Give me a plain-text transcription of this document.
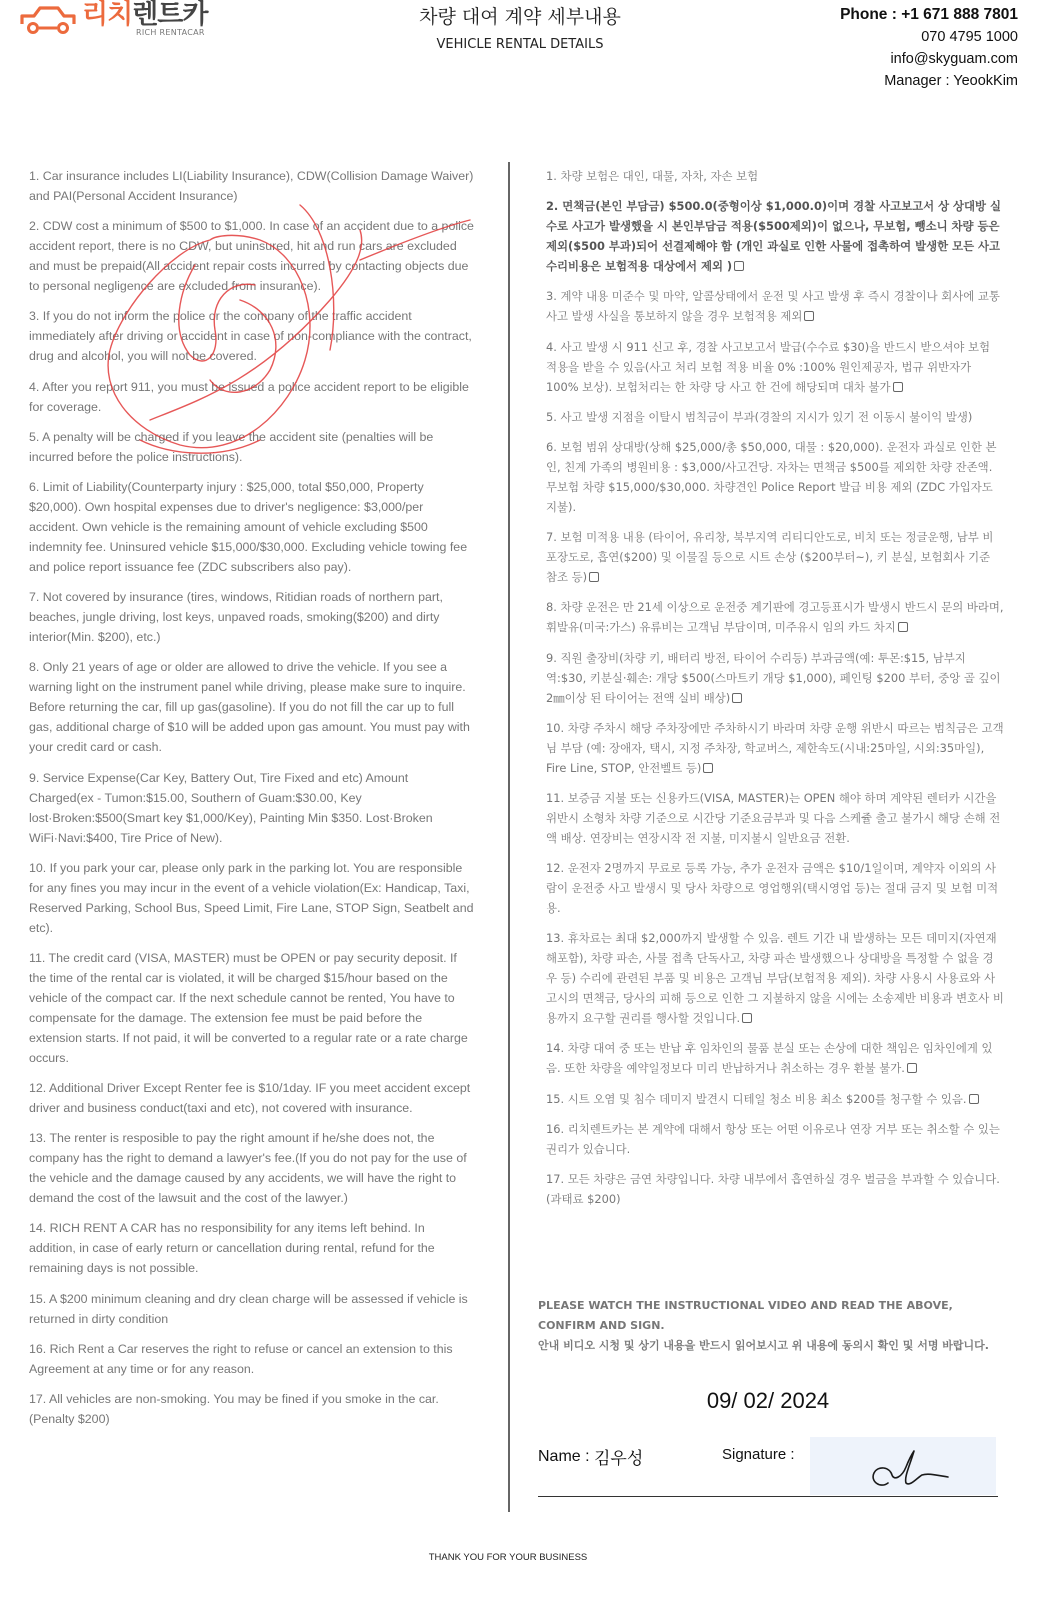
리치렌트카
RICH RENTACAR
차량 대여 계약 세부내용
VEHICLE RENTAL DETAILS
Phone : +1 671 888 7801
070 4795 1000
info@skyguam.com
Manager : YeookKim

1. Car insurance includes LI(Liability Insurance), CDW(Collision Damage Waiver) and PAI(Personal Accident Insurance)

2. CDW cost a minimum of $500 to $1,000. In case of an accident due to a police accident report, there is no CDW, but uninsured, hit and run cars are excluded and must be prepaid(All accident repair costs incurred by contacting objects due to personal negligence are excluded from insurance).

3. If you do not inform the police or the company of the traffic accident immediately after driving or accident in case of non-compliance with the contract, drug and alcohol, you will not be covered.

4. After you report 911, you must be issued a police accident report to be eligible for coverage.

5. A penalty will be charged if you leave the accident site (penalties will be incurred before the police instructions).

6. Limit of Liability(Counterparty injury : $25,000, total $50,000, Property $20,000). Own hospital expenses due to driver's negligence: $3,000/per accident. Own vehicle is the remaining amount of vehicle excluding $500 indemnity fee. Uninsured vehicle $15,000/$30,000. Excluding vehicle towing fee and police report issuance fee (ZDC subscribers also pay).

7. Not covered by insurance (tires, windows, Ritidian roads of northern part, beaches, jungle driving, lost keys, unpaved roads, smoking($200) and dirty interior(Min. $200), etc.)

8. Only 21 years of age or older are allowed to drive the vehicle. If you see a warning light on the instrument panel while driving, please make sure to inquire. Before returning the car, fill up gas(gasoline). If you do not fill the car up to full gas, additional charge of $10 will be added upon gas amount. You must pay with your credit card or cash.

9. Service Expense(Car Key, Battery Out, Tire Fixed and etc) Amount Charged(ex - Tumon:$15.00, Southern of Guam:$30.00, Key lost·Broken:$500(Smart key $1,000/Key), Painting Min $350. Lost·Broken WiFi·Navi:$400, Tire Price of New).

10. If you park your car, please only park in the parking lot. You are responsible for any fines you may incur in the event of a vehicle violation(Ex: Handicap, Taxi, Reserved Parking, School Bus, Speed Limit, Fire Lane, STOP Sign, Seatbelt and etc).

11. The credit card (VISA, MASTER) must be OPEN or pay security deposit. If the time of the rental car is violated, it will be charged $15/hour based on the vehicle of the compact car. If the next schedule cannot be rented, You have to compensate for the damage. The extension fee must be paid before the extension starts. If not paid, it will be converted to a regular rate or a rate charge occurs.

12. Additional Driver Except Renter fee is $10/1day. IF you meet accident except driver and business conduct(taxi and etc), not covered with insurance.

13. The renter is resposible to pay the right amount if he/she does not, the company has the right to demand a lawyer's fee.(If you do not pay for the use of the vehicle and the damage caused by any accidents, we will have the right to demand the cost of the lawsuit and the cost of the lawyer.)

14. RICH RENT A CAR has no responsibility for any items left behind. In addition, in case of early return or cancellation during rental, refund for the remaining days is not possible.

15. A $200 minimum cleaning and dry clean charge will be assessed if vehicle is returned in dirty condition

16. Rich Rent a Car reserves the right to refuse or cancel an extension to this Agreement at any time or for any reason.

17. All vehicles are non-smoking. You may be fined if you smoke in the car.(Penalty $200)

1. 차량 보험은 대인, 대물, 자차, 자손 보험

2. 면책금(본인 부담금) $500.0(중형이상 $1,000.0)이며 경찰 사고보고서 상 상대방 실수로 사고가 발생했을 시 본인부담금 적용($500제외)이 없으나, 무보험, 뺑소니 차량 등은 제외($500 부과)되어 선결제해야 함 (개인 과실로 인한 사물에 접촉하여 발생한 모든 사고 수리비용은 보험적용 대상에서 제외 )

3. 계약 내용 미준수 및 마약, 알콜상태에서 운전 및 사고 발생 후 즉시 경찰이나 회사에 교통 사고 발생 사실을 통보하지 않을 경우 보험적용 제외

4. 사고 발생 시 911 신고 후, 경찰 사고보고서 발급(수수료 $30)을 반드시 받으셔야 보험 적용을 받을 수 있음(사고 처리 보험 적용 비율 0% :100% 원인제공자, 법규 위반자가 100% 보상). 보험처리는 한 차량 당 사고 한 건에 해당되며 대차 불가

5. 사고 발생 지점을 이탈시 범칙금이 부과(경찰의 지시가 있기 전 이동시 불이익 발생)

6. 보험 범위 상대방(상해 $25,000/총 $50,000, 대물 : $20,000). 운전자 과실로 인한 본인, 친계 가족의 병원비용 : $3,000/사고건당. 자차는 면책금 $500를 제외한 차량 잔존액. 무보험 차량 $15,000/$30,000. 차량견인 Police Report 발급 비용 제외 (ZDC 가입자도 지불).

7. 보험 미적용 내용 (타이어, 유리창, 북부지역 리티디안도로, 비치 또는 정글운행, 남부 비포장도로, 흡연($200) 및 이물질 등으로 시트 손상 ($200부터~), 키 분실, 보험회사 기준 참조 등)

8. 차량 운전은 만 21세 이상으로 운전중 계기판에 경고등표시가 발생시 반드시 문의 바라며, 휘발유(미국:가스) 유류비는 고객님 부담이며, 미주유시 임의 카드 차지

9. 직원 출장비(차량 키, 배터리 방전, 타이어 수리등) 부과금액(예: 투몬:$15, 남부지역:$30, 키분실·훼손: 개당 $500(스마트키 개당 $1,000), 페인팅 $200 부터, 중앙 골 깊이 2㎜이상 된 타이어는 전액 실비 배상)

10. 차량 주차시 해당 주차장에만 주차하시기 바라며 차량 운행 위반시 따르는 범칙금은 고객님 부담 (예: 장애자, 택시, 지정 주차장, 학교버스, 제한속도(시내:25마일, 시외:35마일), Fire Line, STOP, 안전벨트 등)

11. 보증금 지불 또는 신용카드(VISA, MASTER)는 OPEN 해야 하며 계약된 렌터카 시간을 위반시 소형차 차량 기준으로 시간당 기준요금부과 및 다음 스케쥴 출고 불가시 해당 손해 전액 배상. 연장비는 연장시작 전 지불, 미지불시 일반요금 전환.

12. 운전자 2명까지 무료로 등록 가능, 추가 운전자 금액은 $10/1일이며, 계약자 이외의 사람이 운전중 사고 발생시 및 당사 차량으로 영업행위(택시영업 등)는 절대 금지 및 보험 미적용.

13. 휴차료는 최대 $2,000까지 발생할 수 있음. 렌트 기간 내 발생하는 모든 데미지(자연재해포함), 차량 파손, 사물 접촉 단독사고, 차량 파손 발생했으나 상대방을 특정할 수 없을 경우 등) 수리에 관련된 부품 및 비용은 고객님 부담(보험적용 제외). 차량 사용시 사용료와 사고시의 면책금, 당사의 피해 등으로 인한 그 지불하지 않을 시에는 소송제반 비용과 변호사 비용까지 요구할 권리를 행사할 것입니다.

14. 차량 대여 중 또는 반납 후 임차인의 물품 분실 또는 손상에 대한 책임은 임차인에게 있음. 또한 차량을 예약일정보다 미리 반납하거나 취소하는 경우 환불 불가.

15. 시트 오염 및 침수 데미지 발견시 디테일 청소 비용 최소 $200를 청구할 수 있음.

16. 리치렌트카는 본 계약에 대해서 항상 또는 어떤 이유로나 연장 거부 또는 취소할 수 있는 권리가 있습니다.

17. 모든 차량은 금연 차량입니다. 차량 내부에서 흡연하실 경우 벌금을 부과할 수 있습니다. (과태료 $200)

PLEASE WATCH THE INSTRUCTIONAL VIDEO AND READ THE ABOVE, CONFIRM AND SIGN.
안내 비디오 시청 및 상기 내용을 반드시 읽어보시고 위 내용에 동의시 확인 및 서명 바랍니다.
09/ 02/ 2024
Name : 김우성	Signature :
THANK YOU FOR YOUR BUSINESS
